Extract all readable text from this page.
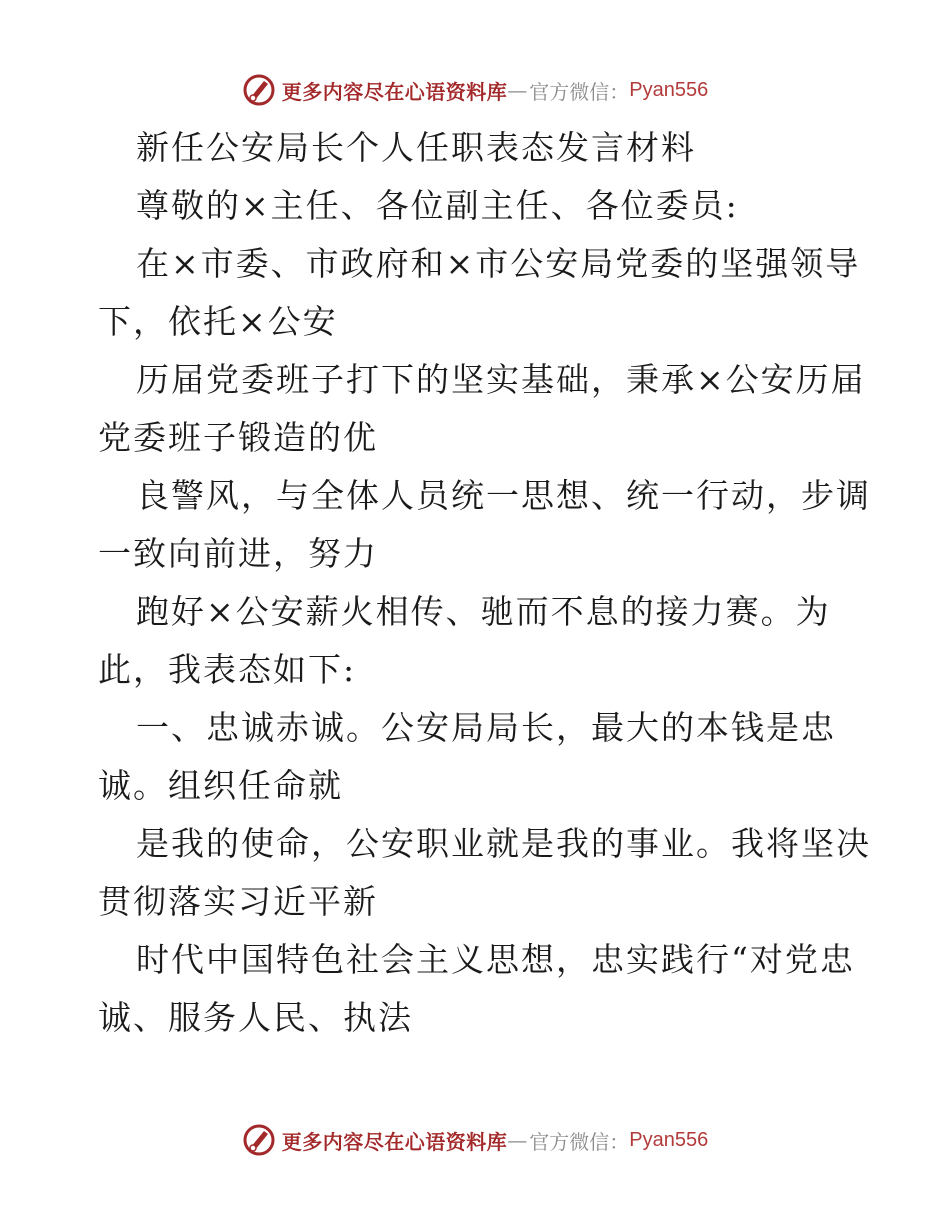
更多内容尽在心语资料库 — 官方微信： Pyan556
新任公安局长个人任职表态发言材料
尊敬的×主任、各位副主任、各位委员:
在×市委、市政府和×市公安局党委的坚强领导
下，依托×公安
历届党委班子打下的坚实基础，秉承×公安历届
党委班子锻造的优
良警风，与全体人员统一思想、统一行动，步调
一致向前进，努力
跑好×公安薪火相传、驰而不息的接力赛。为
此，我表态如下:
一、忠诚赤诚。公安局局长，最大的本钱是忠
诚。组织任命就
是我的使命，公安职业就是我的事业。我将坚决
贯彻落实习近平新
时代中国特色社会主义思想，忠实践行“对党忠
诚、服务人民、执法
更多内容尽在心语资料库 — 官方微信： Pyan556
